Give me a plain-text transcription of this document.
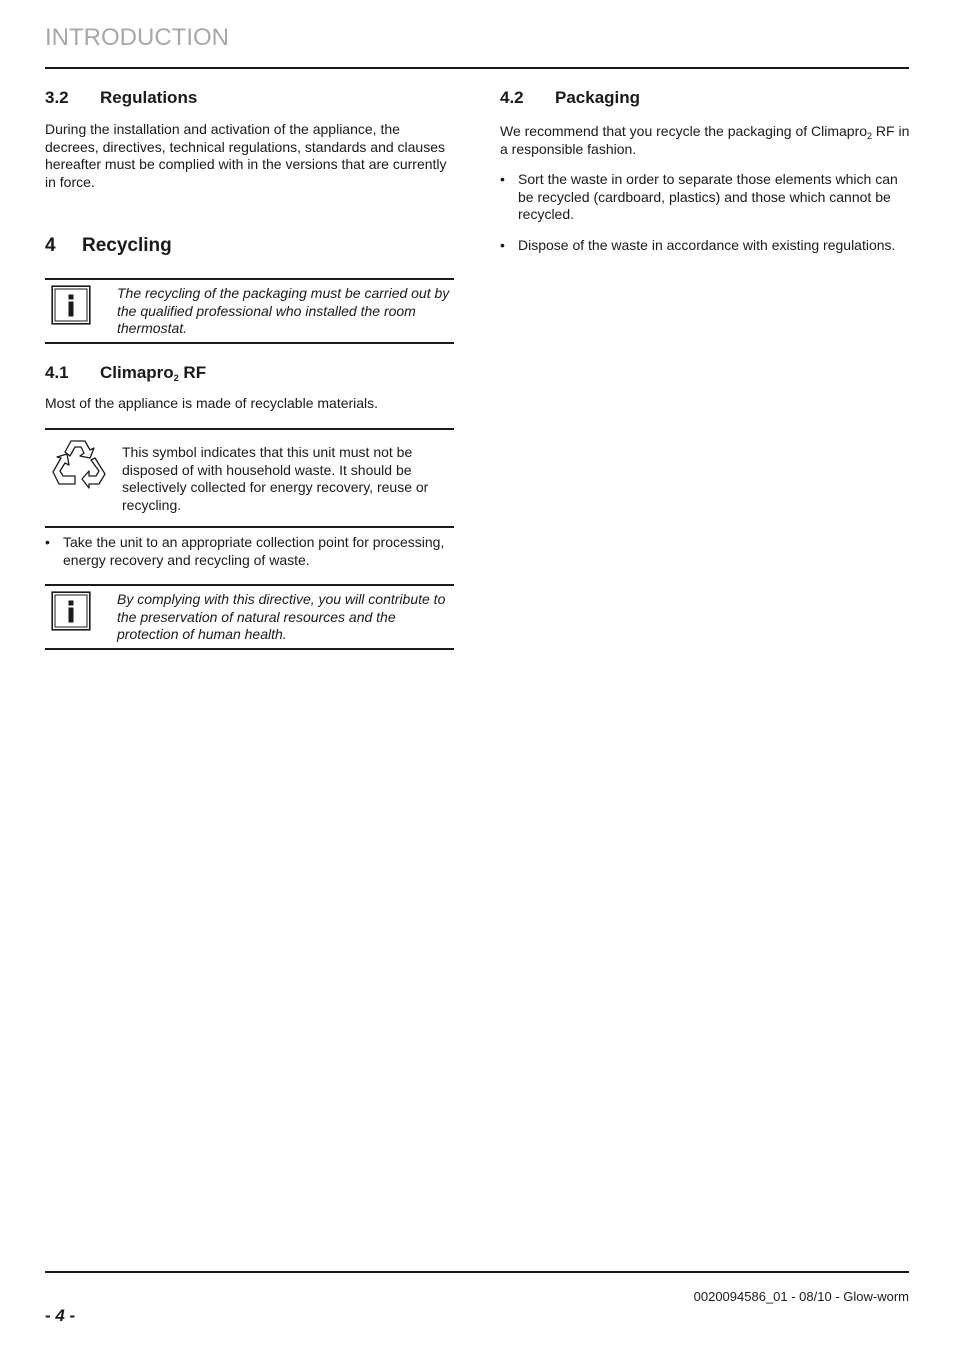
INTRODUCTION
3.2	Regulations

During the installation and activation of the appliance, the decrees, directives, technical regulations, standards and clauses hereafter must be complied with in the versions that are currently in force.

4	Recycling
The recycling of the packaging must be carried out by the qualified professional who installed the room thermostat.
4.1	Climapro$_2$ RF

Most of the appliance is made of recyclable materials.

This symbol indicates that this unit must not be disposed of with household waste. It should be selectively collected for energy recovery, reuse or recycling.
• Take the unit to an appropriate collection point for processing, energy recovery and recycling of waste.
By complying with this directive, you will contribute to the preservation of natural resources and the protection of human health.
4.2	Packaging

We recommend that you recycle the packaging of Climapro$_2$ RF in a responsible fashion.

• Sort the waste in order to separate those elements which can be recycled (cardboard, plastics) and those which cannot be recycled.
• Dispose of the waste in accordance with existing regulations.
0020094586_01 - 08/10 - Glow-worm
- 4 -
